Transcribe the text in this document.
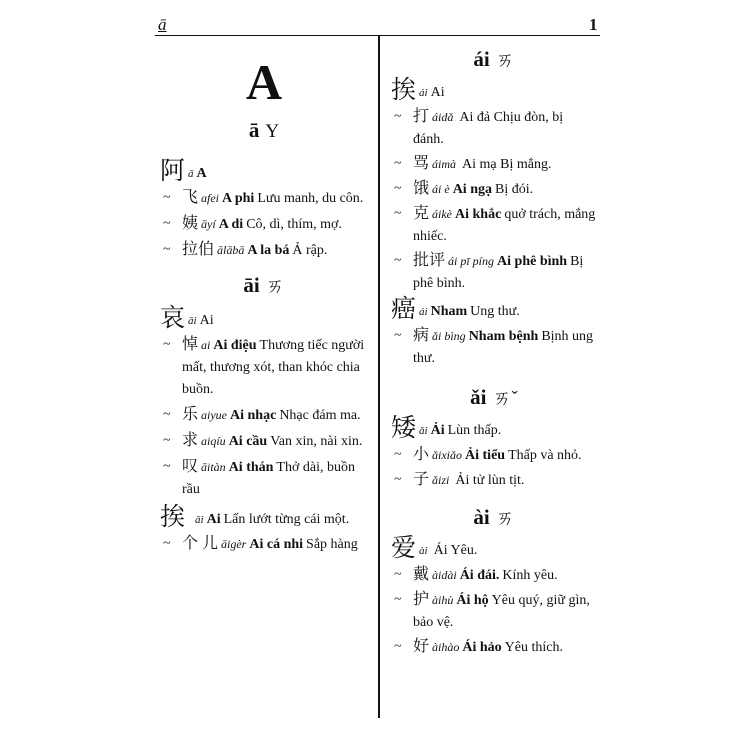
ā	1
A
ā Y
阿ā A
~ 飞 afei A phi Lưu manh, du côn.
~ 姨 āyí A di Cô, dì, thím, mợ.
~ 拉伯 ālābā A la bá Ả rập.
āi ㄞ
哀āi Ai
~ 悼 ai Ai điệu Thương tiếc người mất, thương xót, than khóc chia buồn.
~ 乐 aiyue Ai nhạc Nhạc đám ma.
~ 求 aiqíu Ai cầu Van xin, nài xin.
~ 叹 āitàn Ai thán Thở dài, buồn rầu
挨āi Ai Lấn lướt từng cái một.
~ 个 儿 āigèr Ai cá nhi Sắp hàng
ái ㄞ
挨ái Ai
~ 打 áidǎ Ai đả Chịu đòn, bị đánh.
~ 骂 áimà Ai mạ Bị mắng.
~ 饿 ái è Ai ngạ Bị đói.
~ 克 áikè Ai khắc quở trách, mắng nhiếc.
~ 批评 ái pī píng Ai phê bình Bị phê bình.
癌ái Nham Ung thư.
~ 病 ǎi bìng Nham bệnh Bịnh ung thư.
ǎi ㄞˇ
矮ǎi Ải Lùn thấp.
~ 小 ǎixiǎo Ải tiểu Thấp và nhỏ.
~ 子 ǎizi Ải tử lùn tịt.
ài ㄞ
爱ài Ái Yêu.
~ 戴 àidài Ái đái. Kính yêu.
~ 护 àihù Ái hộ Yêu quý, giữ gìn, bảo vệ.
~ 好 àihào Ái hảo Yêu thích.
